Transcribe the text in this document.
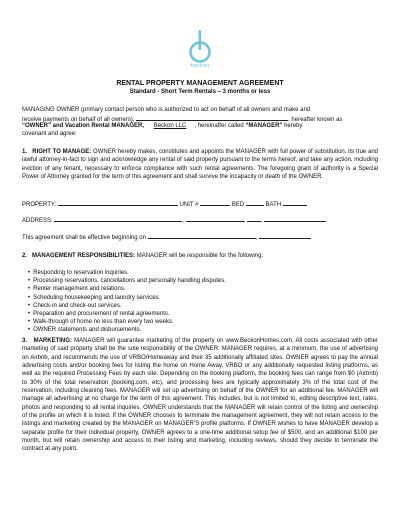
beckon
RENTAL PROPERTY MANAGEMENT AGREEMENT
Standard - Short Term Rentals – 3 months or less
MANAGING OWNER (primary contact person who is authorized to act on behalf of all owners and make and
receive payments on behalf of all owners),	, hereafter known as
“OWNER” and Vacation Rental MANAGER, Beckon LLC , hereinafter called “MANAGER” hereby
covenant and agree:
1. RIGHT TO MANAGE: OWNER hereby makes, constitutes and appoints the MANAGER with full power of substitution, its true and lawful attorney-in-fact to sign and acknowledge any rental of said property pursuant to the terms hereof, and take any action, including eviction of any tenant, necessary to enforce compliance with such rental agreements. The foregoing grant of authority is a Special Power of Attorney granted for the term of this agreement and shall survive the incapacity or death of the OWNER.
PROPERTY:	UNIT #	BED	BATH
ADDRESS:	,	, ,
This agreement shall be effective beginning on	,
2. MANAGEMENT RESPONSIBILITIES: MANAGER will be responsible for the following:
• Responding to reservation inquiries.
• Processing reservations, cancellations and personally handling disputes.
• Renter management and relations.
• Scheduling housekeeping and laundry services.
• Check-in and check-out services.
• Preparation and procurement of rental agreements.
• Walk-through of home no less than every two weeks.
• OWNER statements and disbursements.
3. MARKETING: MANAGER will guarantee marketing of the property on www.BeckonHomes.com. All costs associated with other marketing of said property shall be the sole responsibility of the OWNER. MANAGER requires, at a minimum, the use of advertising on Airbnb, and recommends the use of VRBO/Homeaway and their 35 additionally affiliated sites. OWNER agrees to pay the annual advertising costs and/or booking fees for listing the home on Home Away, VRBO or any additionally requested listing platforms, as well as the required Processing Fees by each site. Depending on the booking platform, the booking fees can range from $0 (Airbnb) to 30% of the total reservation (booking.com, etc), and processing fees are typically approximately 3% of the total cost of the reservation, including cleaning fees. MANAGER will set up advertising on behalf of the OWNER for an additional fee. MANAGER will manage all advertising at no charge for the term of this agreement. This includes, but is not limited to, editing descriptive text, rates, photos and responding to all rental inquiries. OWNER understands that the MANAGER will retain control of the listing and ownership of the profile on which it is listed. If the OWNER chooses to terminate the management agreement, they will not retain access to the listings and marketing created by the MANAGER on MANAGER’S profile platforms. If OWNER wishes to have MANAGER develop a separate profile for their individual property, OWNER agrees to a one-time additional setup fee of $500, and an additional $100 per month, but will retain ownership and access to their listing and marketing, including reviews, should they decide to terminate the contract at any point.
